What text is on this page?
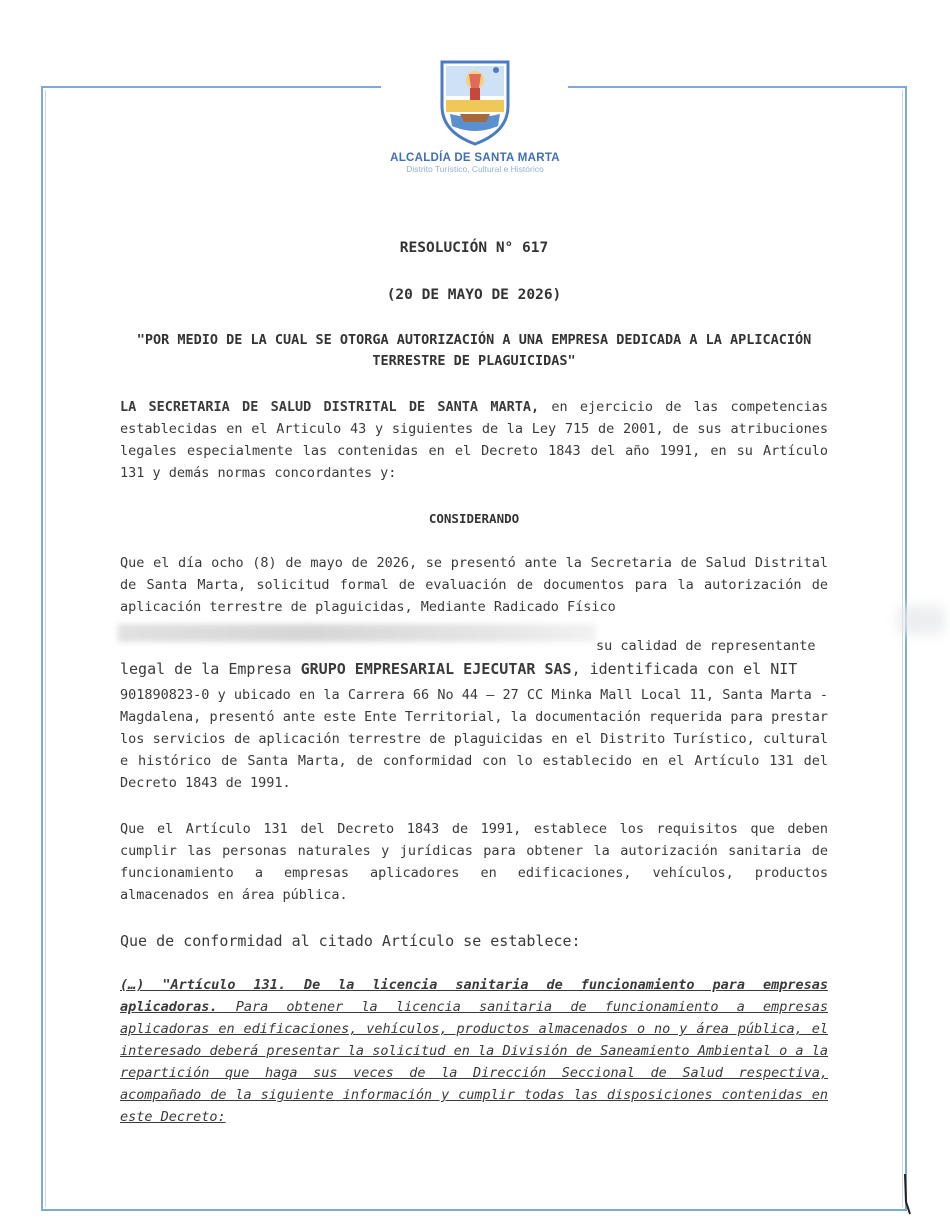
ALCALDÍA DE SANTA MARTA
Distrito Turístico, Cultural e Histórico
RESOLUCIÓN N° 617
(20 DE MAYO DE 2026)
"POR MEDIO DE LA CUAL SE OTORGA AUTORIZACIÓN A UNA EMPRESA DEDICADA A LA APLICACIÓN TERRESTRE DE PLAGUICIDAS"
LA SECRETARIA DE SALUD DISTRITAL DE SANTA MARTA, en ejercicio de las competencias establecidas en el Articulo 43 y siguientes de la Ley 715 de 2001, de sus atribuciones legales especialmente las contenidas en el Decreto 1843 del año 1991, en su Artículo 131 y demás normas concordantes y:
CONSIDERANDO
Que el día ocho (8) de mayo de 2026, se presentó ante la Secretaria de Salud Distrital de Santa Marta, solicitud formal de evaluación de documentos para la autorización de aplicación terrestre de plaguicidas, Mediante Radicado Físico
su calidad de representante
legal de la Empresa GRUPO EMPRESARIAL EJECUTAR SAS, identificada con el NIT
901890823-0 y ubicado en la Carrera 66 No 44 – 27 CC Minka Mall Local 11, Santa Marta - Magdalena, presentó ante este Ente Territorial, la documentación requerida para prestar los servicios de aplicación terrestre de plaguicidas en el Distrito Turístico, cultural e histórico de Santa Marta, de conformidad con lo establecido en el Artículo 131 del Decreto 1843 de 1991.
Que el Artículo 131 del Decreto 1843 de 1991, establece los requisitos que deben cumplir las personas naturales y jurídicas para obtener la autorización sanitaria de funcionamiento a empresas aplicadores en edificaciones, vehículos, productos almacenados en área pública.
Que de conformidad al citado Artículo se establece:
(…) "Artículo 131. De la licencia sanitaria de funcionamiento para empresas aplicadoras. Para obtener la licencia sanitaria de funcionamiento a empresas aplicadoras en edificaciones, vehículos, productos almacenados o no y área pública, el interesado deberá presentar la solicitud en la División de Saneamiento Ambiental o a la repartición que haga sus veces de la Dirección Seccional de Salud respectiva, acompañado de la siguiente información y cumplir todas las disposiciones contenidas en este Decreto:
